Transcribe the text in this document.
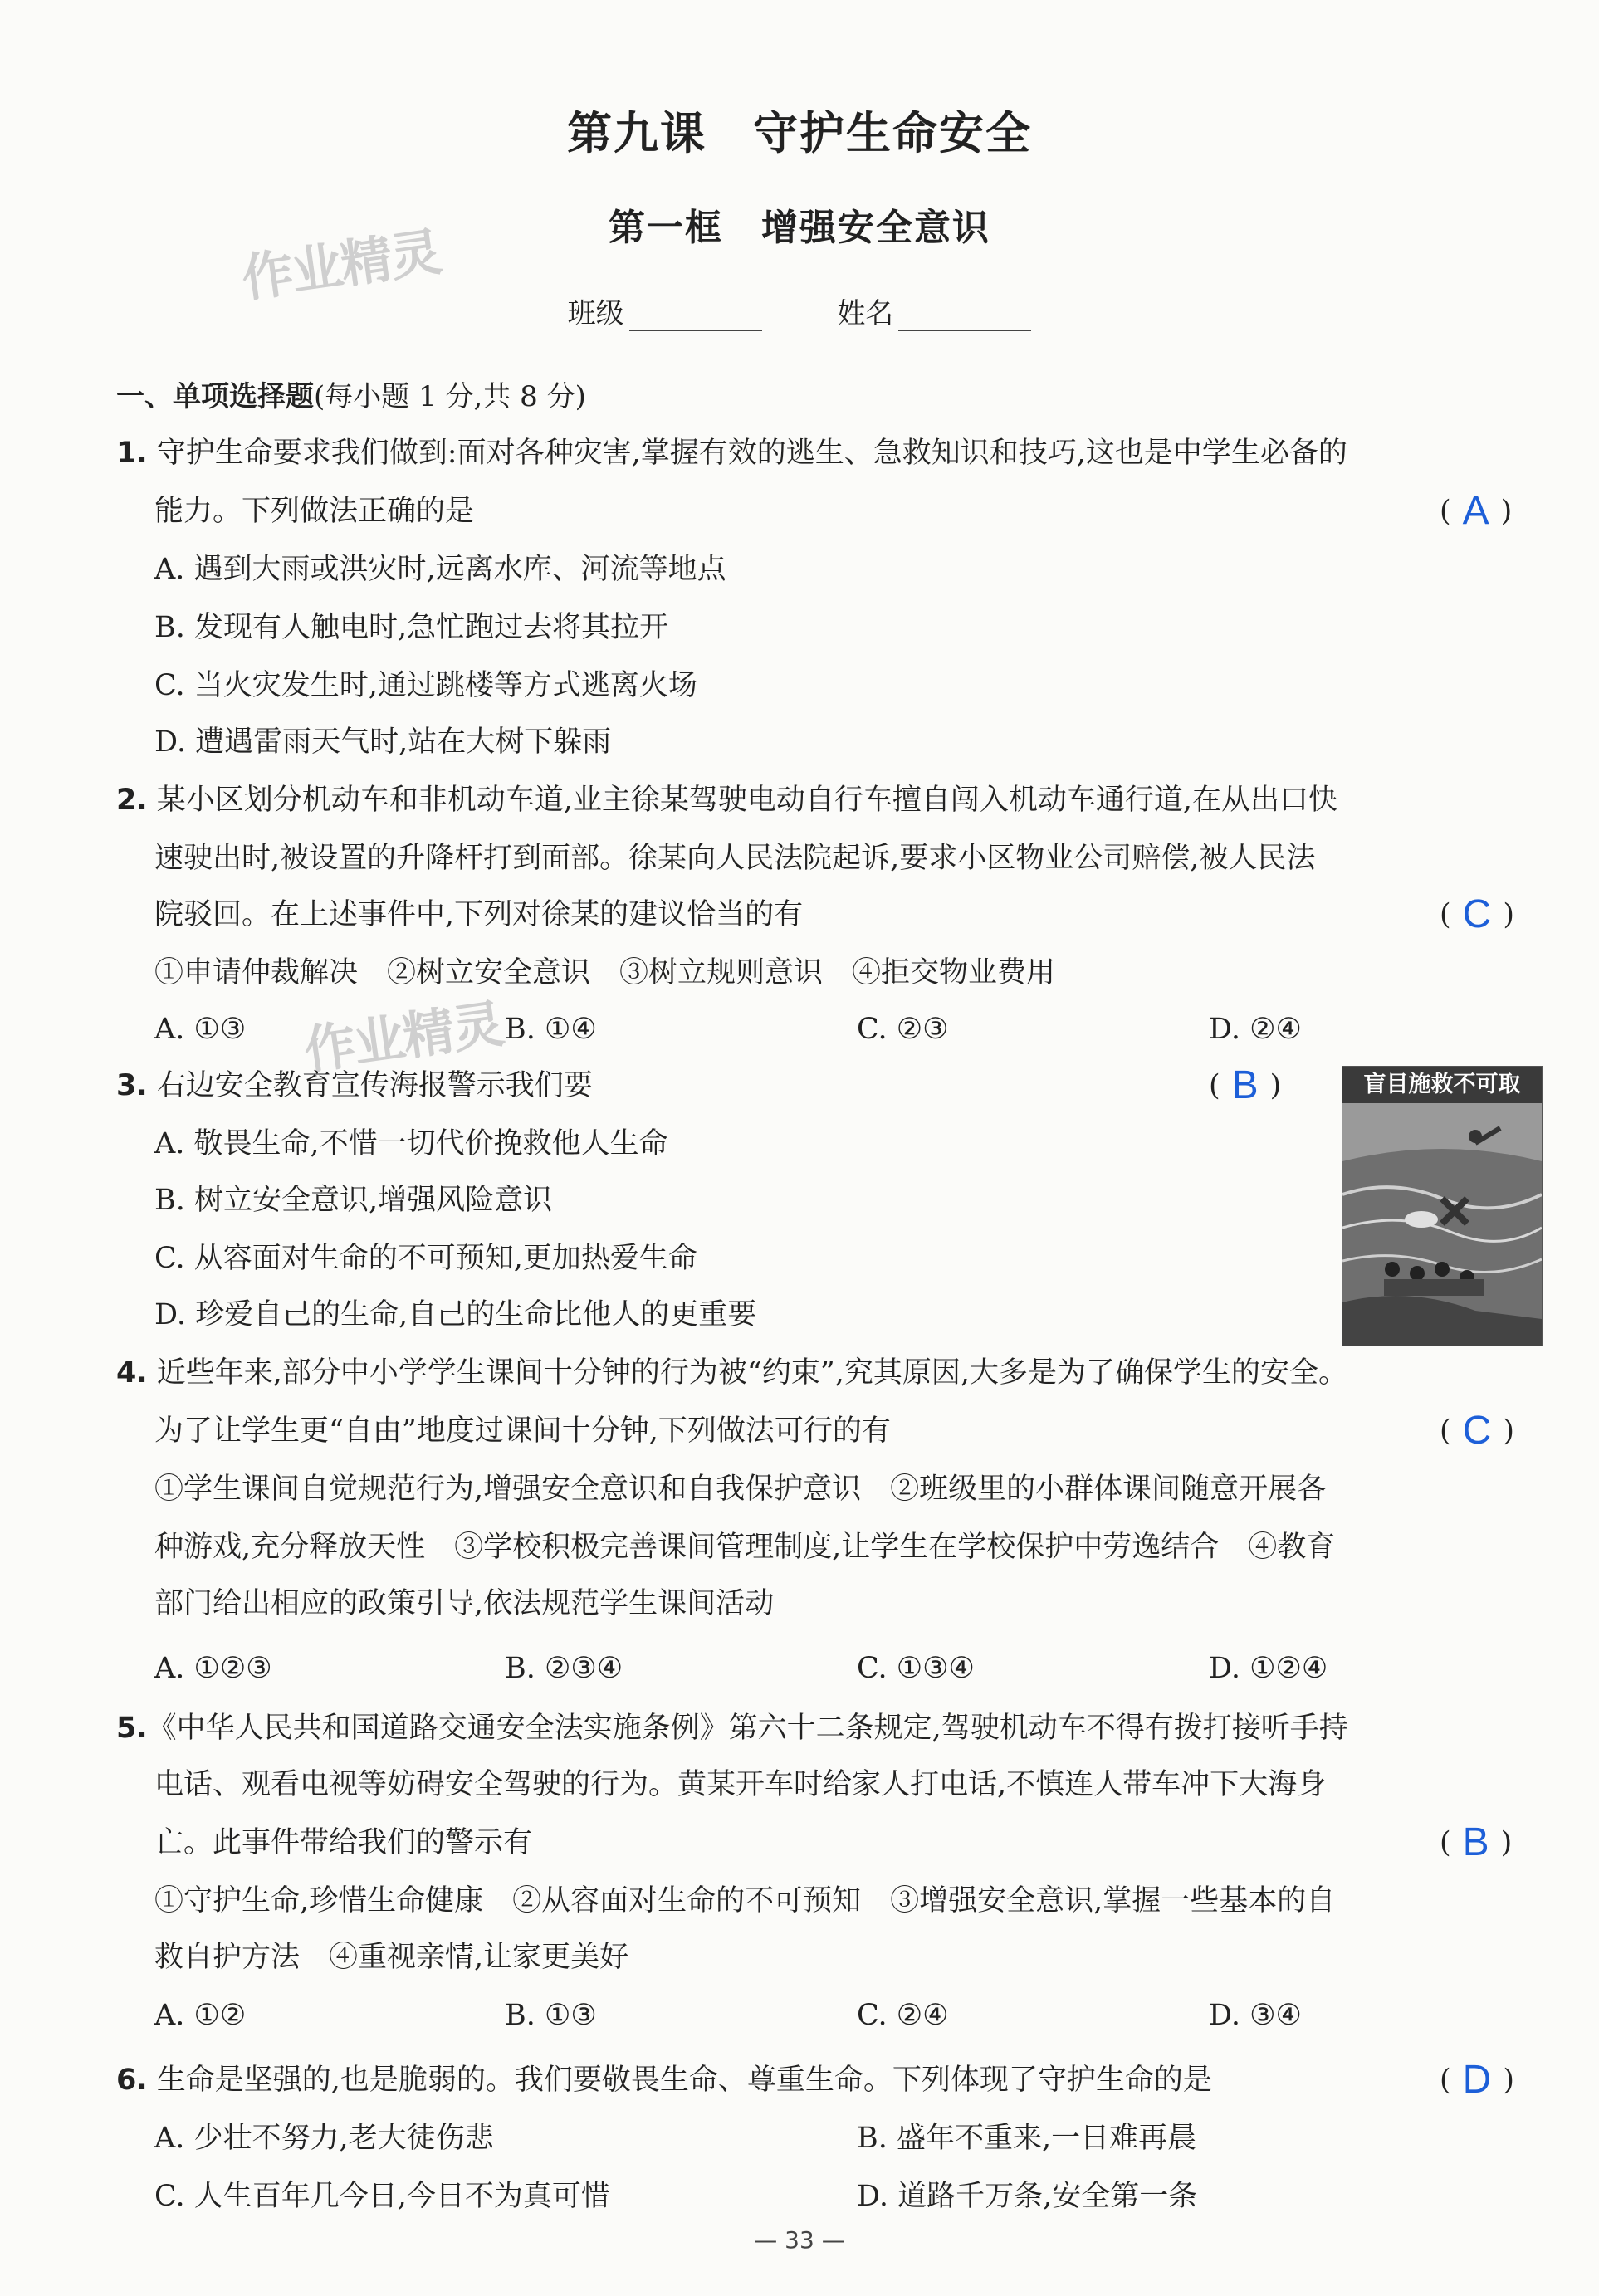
第九课　守护生命安全
第一框　增强安全意识
作业精灵
作业精灵
班级	姓名
一、单项选择题(每小题 1 分,共 8 分)
1. 守护生命要求我们做到:面对各种灾害,掌握有效的逃生、急救知识和技巧,这也是中学生必备的
能力。下列做法正确的是	( A )
A. 遇到大雨或洪灾时,远离水库、河流等地点
B. 发现有人触电时,急忙跑过去将其拉开
C. 当火灾发生时,通过跳楼等方式逃离火场
D. 遭遇雷雨天气时,站在大树下躲雨
2. 某小区划分机动车和非机动车道,业主徐某驾驶电动自行车擅自闯入机动车通行道,在从出口快
速驶出时,被设置的升降杆打到面部。徐某向人民法院起诉,要求小区物业公司赔偿,被人民法
院驳回。在上述事件中,下列对徐某的建议恰当的有	( C )
①申请仲裁解决　②树立安全意识　③树立规则意识　④拒交物业费用
A. ①③	B. ①④	C. ②③	D. ②④
3. 右边安全教育宣传海报警示我们要	( B )
A. 敬畏生命,不惜一切代价挽救他人生命
B. 树立安全意识,增强风险意识
C. 从容面对生命的不可预知,更加热爱生命
D. 珍爱自己的生命,自己的生命比他人的更重要
盲目施救不可取
4. 近些年来,部分中小学学生课间十分钟的行为被“约束”,究其原因,大多是为了确保学生的安全。
为了让学生更“自由”地度过课间十分钟,下列做法可行的有	( C )
①学生课间自觉规范行为,增强安全意识和自我保护意识　②班级里的小群体课间随意开展各
种游戏,充分释放天性　③学校积极完善课间管理制度,让学生在学校保护中劳逸结合　④教育
部门给出相应的政策引导,依法规范学生课间活动
A. ①②③	B. ②③④	C. ①③④	D. ①②④
5.《中华人民共和国道路交通安全法实施条例》第六十二条规定,驾驶机动车不得有拨打接听手持
电话、观看电视等妨碍安全驾驶的行为。黄某开车时给家人打电话,不慎连人带车冲下大海身
亡。此事件带给我们的警示有	( B )
①守护生命,珍惜生命健康　②从容面对生命的不可预知　③增强安全意识,掌握一些基本的自
救自护方法　④重视亲情,让家更美好
A. ①②	B. ①③	C. ②④	D. ③④
6. 生命是坚强的,也是脆弱的。我们要敬畏生命、尊重生命。下列体现了守护生命的是	( D )
A. 少壮不努力,老大徒伤悲	B. 盛年不重来,一日难再晨
C. 人生百年几今日,今日不为真可惜	D. 道路千万条,安全第一条
— 33 —
